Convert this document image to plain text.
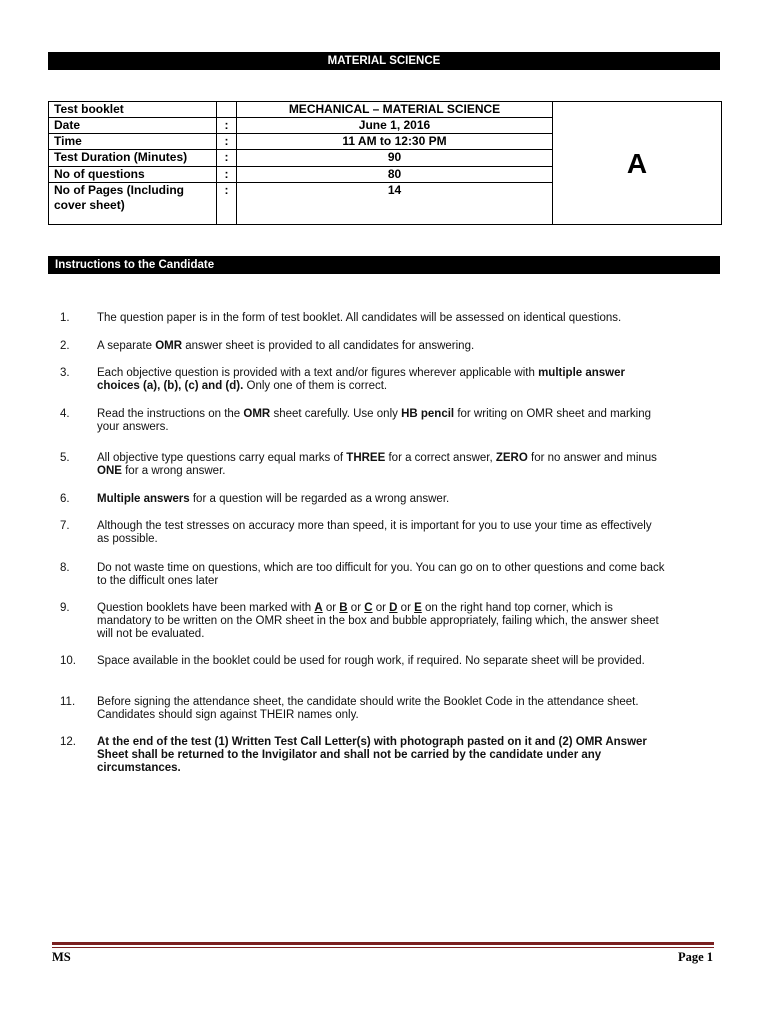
MATERIAL SCIENCE
Test booklet		MECHANICAL – MATERIAL SCIENCE	A
Date	:	June 1, 2016	
Time	:	11 AM to 12:30 PM	
Test Duration (Minutes)	:	90	
No of questions	:	80	
No of Pages (Including cover sheet)	:	14	
Instructions to the Candidate
1.	The question paper is in the form of test booklet. All candidates will be assessed on identical questions.
2.	A separate OMR answer sheet is provided to all candidates for answering.
3.	Each objective question is provided with a text and/or figures wherever applicable with multiple answer choices (a), (b), (c) and (d). Only one of them is correct.
4.	Read the instructions on the OMR sheet carefully. Use only HB pencil for writing on OMR sheet and marking your answers.
5.	All objective type questions carry equal marks of THREE for a correct answer, ZERO for no answer and minus ONE for a wrong answer.
6.	Multiple answers for a question will be regarded as a wrong answer.
7.	Although the test stresses on accuracy more than speed, it is important for you to use your time as effectively as possible.
8.	Do not waste time on questions, which are too difficult for you. You can go on to other questions and come back to the difficult ones later
9.	Question booklets have been marked with A or B or C or D or E on the right hand top corner, which is mandatory to be written on the OMR sheet in the box and bubble appropriately, failing which, the answer sheet will not be evaluated.
10.	Space available in the booklet could be used for rough work, if required. No separate sheet will be provided.
11.	Before signing the attendance sheet, the candidate should write the Booklet Code in the attendance sheet. Candidates should sign against THEIR names only.
12.	At the end of the test (1) Written Test Call Letter(s) with photograph pasted on it and (2) OMR Answer Sheet shall be returned to the Invigilator and shall not be carried by the candidate under any circumstances.
MS	Page 1
